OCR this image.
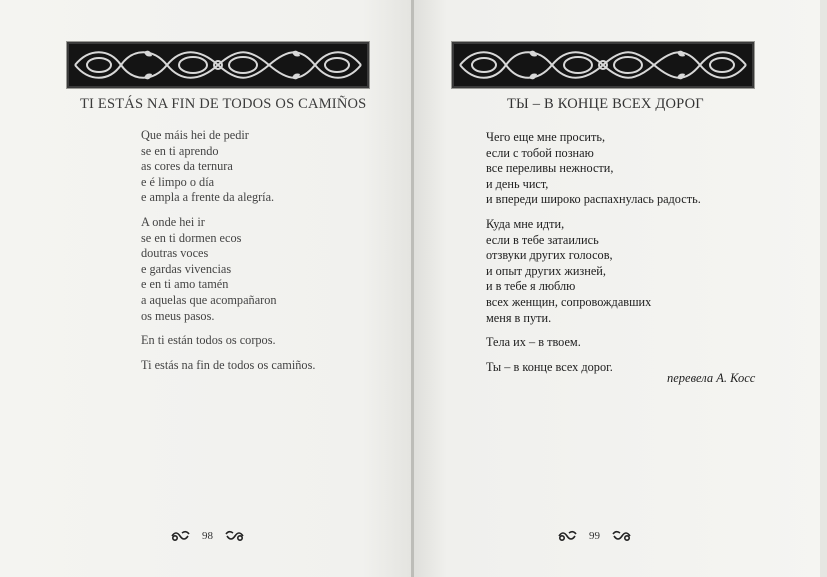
TI ESTÁS NA FIN DE TODOS OS CAMIÑOS
Que máis hei de pedir
se en ti aprendo
as cores da ternura
e é limpo o día
e ampla a frente da alegría.
A onde hei ir
se en ti dormen ecos
doutras voces
e gardas vivencias
e en ti amo tamén
a aquelas que acompañaron
os meus pasos.
En ti están todos os corpos.
Ti estás na fin de todos os camiños.
98
ТЫ – В КОНЦЕ ВСЕХ ДОРОГ
Чего еще мне просить,
если с тобой познаю
все переливы нежности,
и день чист,
и впереди широко распахнулась радость.
Куда мне идти,
если в тебе затаились
отзвуки других голосов,
и опыт других жизней,
и в тебе я люблю
всех женщин, сопровождавших
меня в пути.
Тела их – в твоем.
Ты – в конце всех дорог.
перевела А. Косс
99
